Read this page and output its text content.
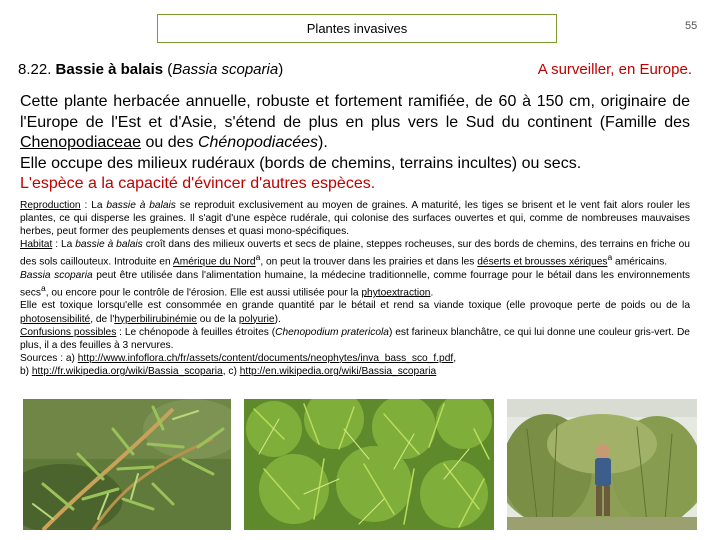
Plantes invasives	55
8.22. Bassie à balais (Bassia scoparia)	A surveiller, en Europe.
Cette plante herbacée annuelle, robuste et fortement ramifiée, de 60 à 150 cm, originaire de l'Europe de l'Est et d'Asie, s'étend de plus en plus vers le Sud du continent (Famille des Chenopodiaceae ou des Chénopodiacées).
Elle occupe des milieux rudéraux (bords de chemins, terrains incultes) ou secs.
L'espèce a la capacité d'évincer d'autres espèces.

Reproduction : La bassie à balais se reproduit exclusivement au moyen de graines. A maturité, les tiges se brisent et le vent fait alors rouler les plantes, ce qui disperse les graines. Il s'agit d'une espèce rudérale, qui colonise des surfaces ouvertes et qui, comme de nombreuses mauvaises herbes, peut former des peuplements denses et quasi mono-spécifiques.

Habitat : La bassie à balais croît dans des milieux ouverts et secs de plaine, steppes rocheuses, sur des bords de chemins, des terrains en friche ou des sols caillouteux. Introduite en Amérique du Nord$^a$, on peut la trouver dans les prairies et dans les déserts et brousses xériques$^a$ américains.

Bassia scoparia peut être utilisée dans l'alimentation humaine, la médecine traditionnelle, comme fourrage pour le bétail dans les environnements secs$^a$, ou encore pour le contrôle de l'érosion. Elle est aussi utilisée pour la phytoextraction.

Elle est toxique lorsqu'elle est consommée en grande quantité par le bétail et rend sa viande toxique (elle provoque perte de poids ou de la photosensibilité, de l'hyperbilirubinémie ou de la polyurie).

Confusions possibles : Le chénopode à feuilles étroites (Chenopodium pratericola) est farineux blanchâtre, ce qui lui donne une couleur gris-vert. De plus, il a des feuilles à 3 nervures.

Sources : a) http://www.infoflora.ch/fr/assets/content/documents/neophytes/inva_bass_sco_f.pdf,

b) http://fr.wikipedia.org/wiki/Bassia_scoparia, c) http://en.wikipedia.org/wiki/Bassia_scoparia
